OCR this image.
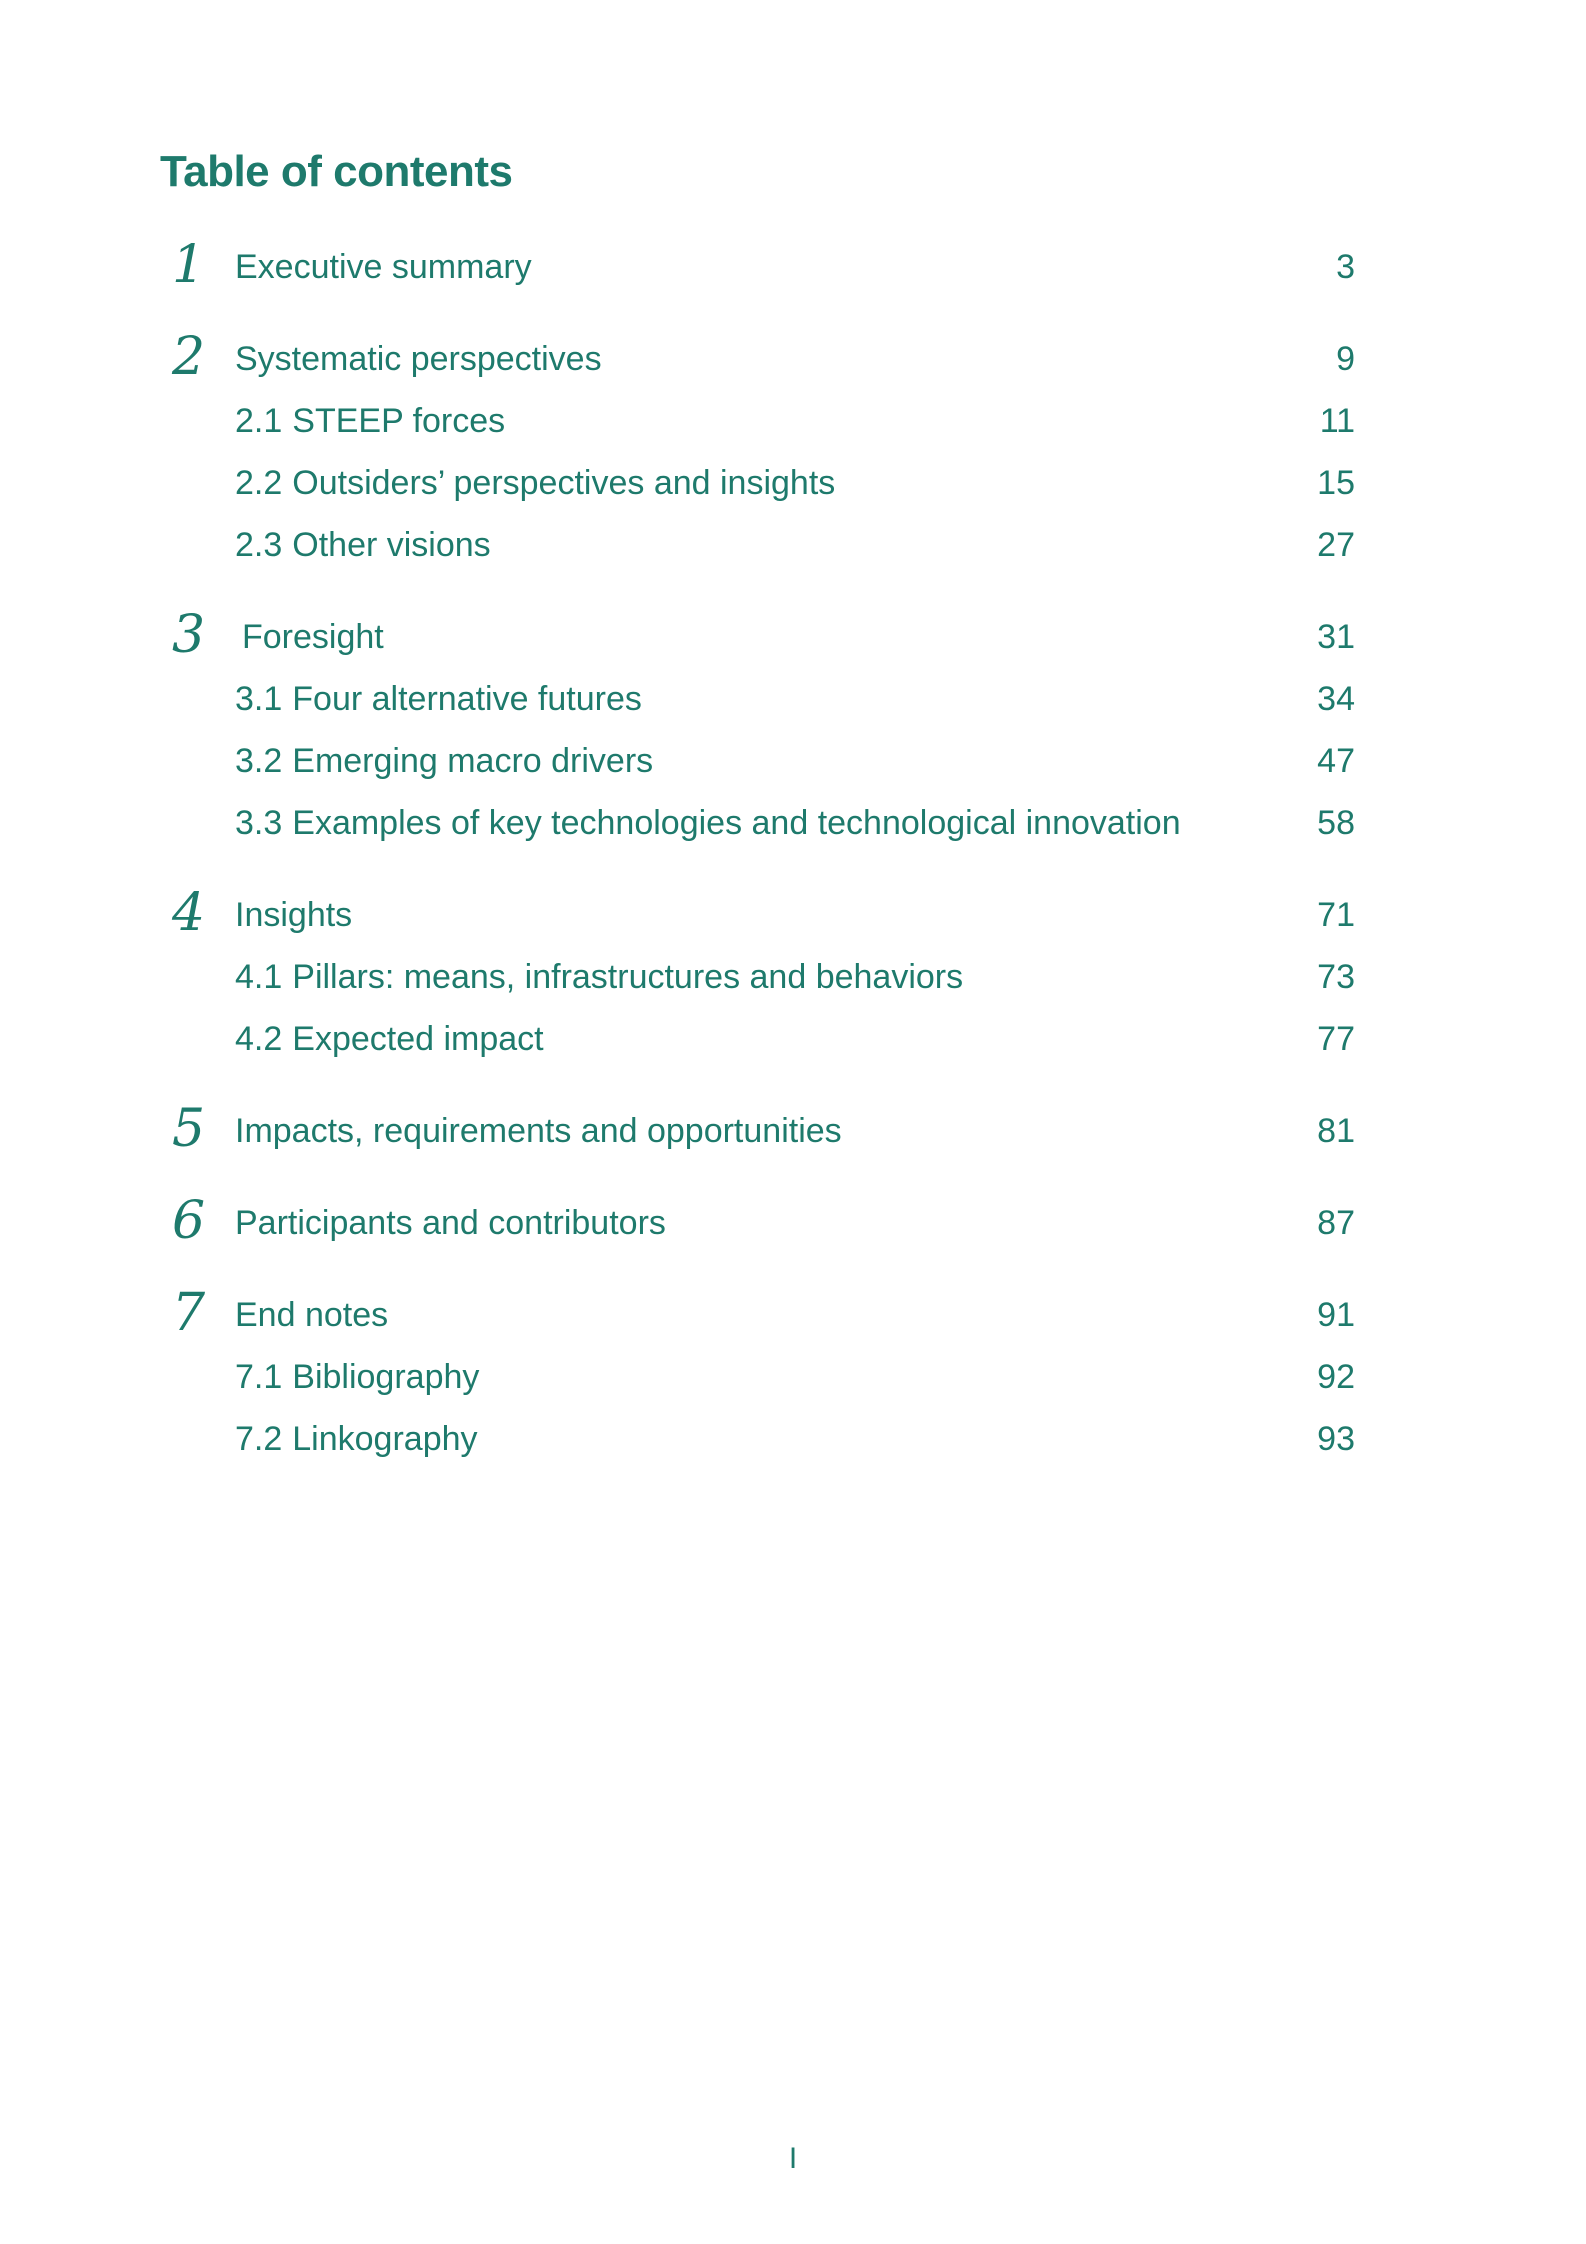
Table of contents
1 Executive summary	3
2 Systematic perspectives	9
2.1 STEEP forces	11
2.2 Outsiders’ perspectives and insights	15
2.3 Other visions	27
3 Foresight	31
3.1 Four alternative futures	34
3.2 Emerging macro drivers	47
3.3 Examples of key technologies and technological innovation	58
4 Insights	71
4.1 Pillars: means, infrastructures and behaviors	73
4.2 Expected impact	77
5 Impacts, requirements and opportunities	81
6 Participants and contributors	87
7 End notes	91
7.1 Bibliography	92
7.2 Linkography	93
I
